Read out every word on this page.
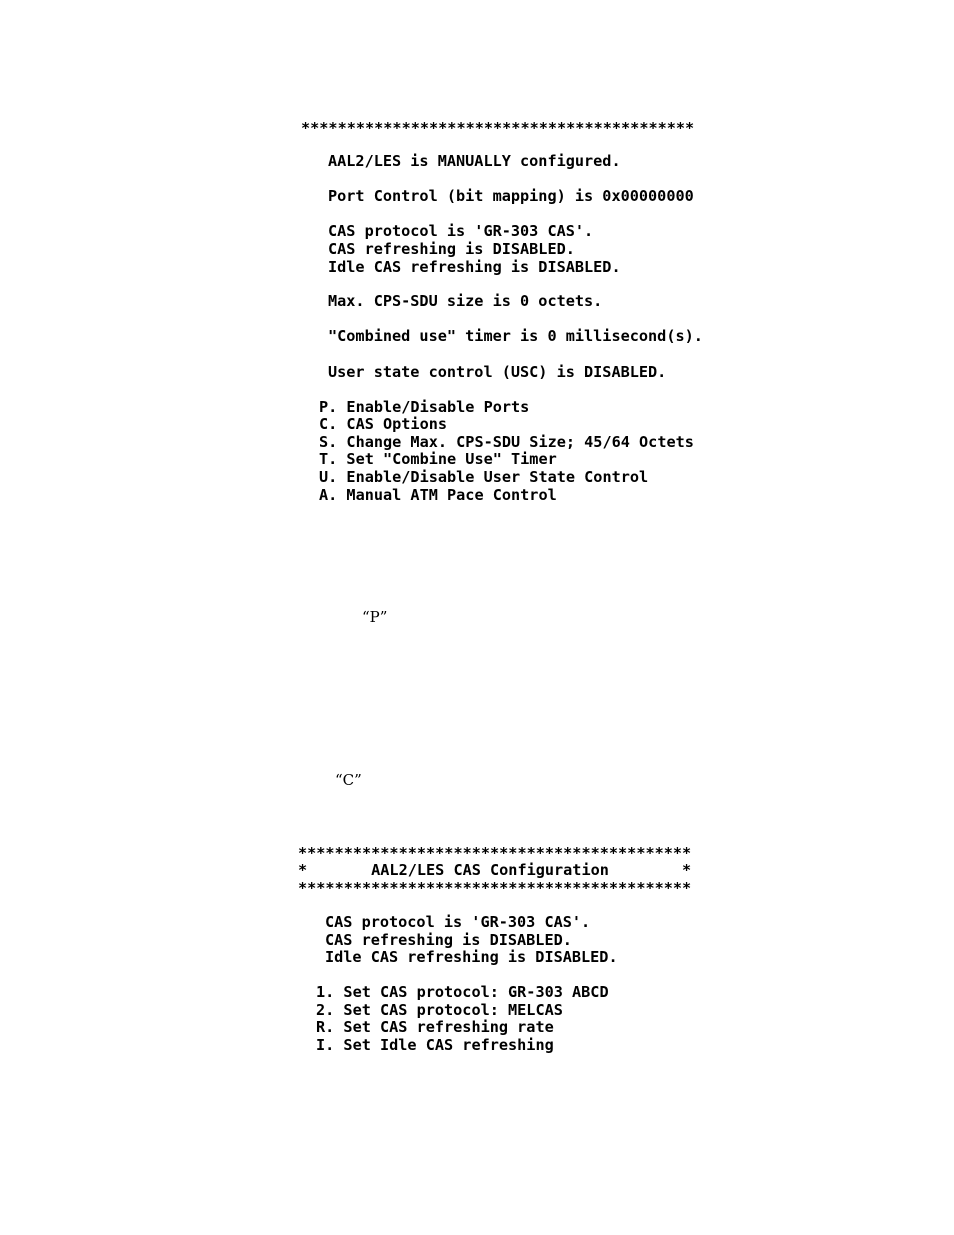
*******************************************
AAL2/LES is MANUALLY configured.
Port Control (bit mapping) is 0x00000000
CAS protocol is 'GR-303 CAS'.
CAS refreshing is DISABLED.
Idle CAS refreshing is DISABLED.
Max. CPS-SDU size is 0 octets.
"Combined use" timer is 0 millisecond(s).
User state control (USC) is DISABLED.
P. Enable/Disable Ports
C. CAS Options
S. Change Max. CPS-SDU Size; 45/64 Octets
T. Set "Combine Use" Timer
U. Enable/Disable User State Control
A. Manual ATM Pace Control
“P”
“C”
*******************************************
*       AAL2/LES CAS Configuration        *
*******************************************
CAS protocol is 'GR-303 CAS'.
CAS refreshing is DISABLED.
Idle CAS refreshing is DISABLED.
1. Set CAS protocol: GR-303 ABCD
2. Set CAS protocol: MELCAS
R. Set CAS refreshing rate
I. Set Idle CAS refreshing
